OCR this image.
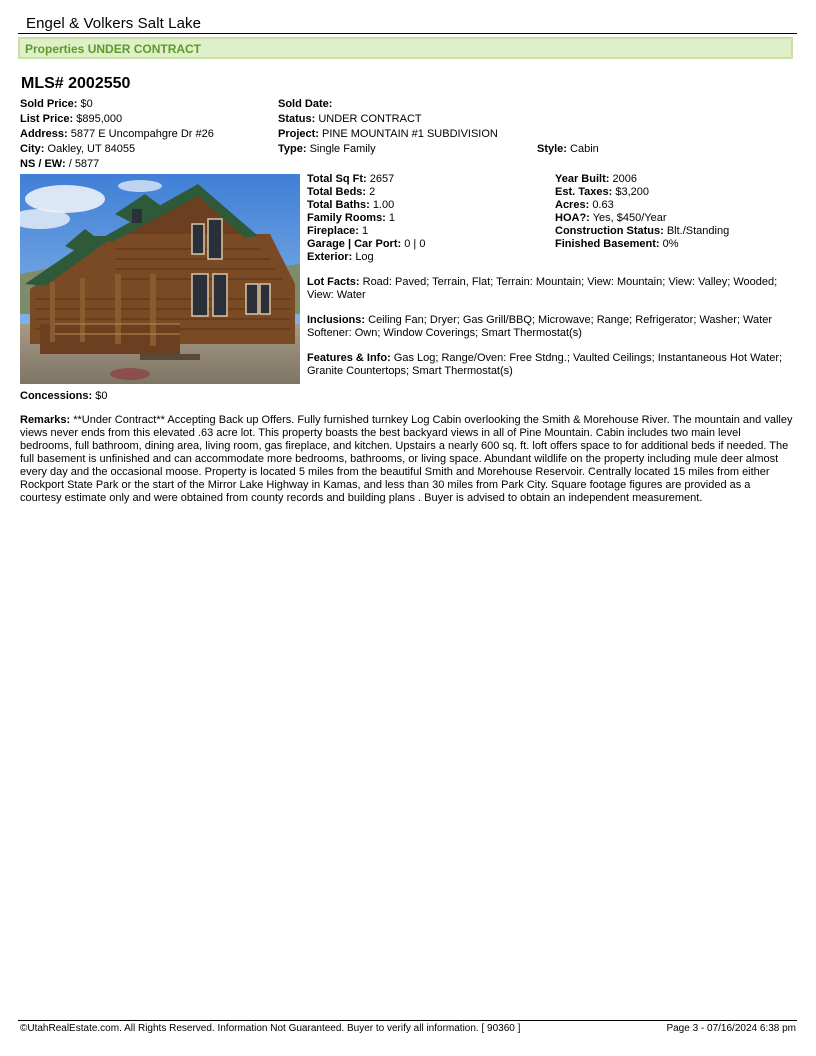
Engel & Volkers Salt Lake
Properties UNDER CONTRACT
MLS# 2002550
Sold Price: $0
List Price: $895,000
Address: 5877 E Uncompahgre Dr #26
City: Oakley, UT 84055
NS / EW: / 5877
Sold Date:
Status: UNDER CONTRACT
Project: PINE MOUNTAIN #1 SUBDIVISION
Type: Single Family	Style: Cabin
Total Sq Ft: 2657
Total Beds: 2
Total Baths: 1.00
Family Rooms: 1
Fireplace: 1
Garage | Car Port: 0 | 0
Exterior: Log
Year Built: 2006
Est. Taxes: $3,200
Acres: 0.63
HOA?: Yes, $450/Year
Construction Status: Blt./Standing
Finished Basement: 0%
Lot Facts: Road: Paved; Terrain, Flat; Terrain: Mountain; View: Mountain; View: Valley; Wooded; View: Water
Inclusions: Ceiling Fan; Dryer; Gas Grill/BBQ; Microwave; Range; Refrigerator; Washer; Water Softener: Own; Window Coverings; Smart Thermostat(s)
Features & Info: Gas Log; Range/Oven: Free Stdng.; Vaulted Ceilings; Instantaneous Hot Water; Granite Countertops; Smart Thermostat(s)
Concessions: $0
Remarks: **Under Contract** Accepting Back up Offers. Fully furnished turnkey Log Cabin overlooking the Smith & Morehouse River. The mountain and valley views never ends from this elevated .63 acre lot. This property boasts the best backyard views in all of Pine Mountain. Cabin includes two main level bedrooms, full bathroom, dining area, living room, gas fireplace, and kitchen. Upstairs a nearly 600 sq. ft. loft offers space to for additional beds if needed. The full basement is unfinished and can accommodate more bedrooms, bathrooms, or living space. Abundant wildlife on the property including mule deer almost every day and the occasional moose. Property is located 5 miles from the beautiful Smith and Morehouse Reservoir. Centrally located 15 miles from either Rockport State Park or the start of the Mirror Lake Highway in Kamas, and less than 30 miles from Park City. Square footage figures are provided as a courtesy estimate only and were obtained from county records and building plans . Buyer is advised to obtain an independent measurement.
©UtahRealEstate.com. All Rights Reserved. Information Not Guaranteed. Buyer to verify all information. [ 90360 ]	Page 3 - 07/16/2024 6:38 pm
